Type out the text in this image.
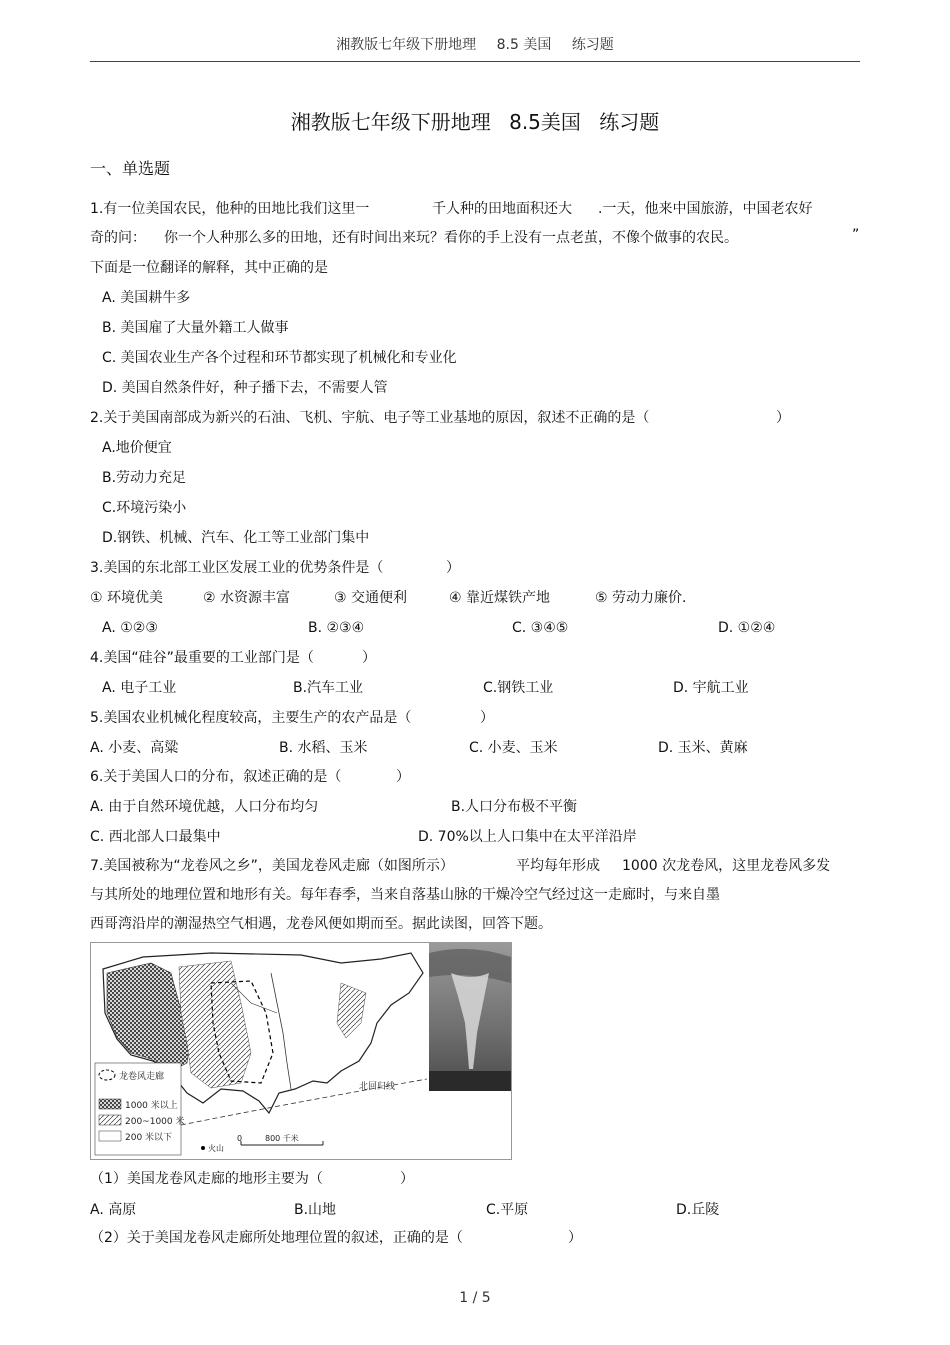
湘教版七年级下册地理 8.5 美国 练习题
湘教版七年级下册地理 8.5美国 练习题
一、单选题
1.有一位美国农民，他种的田地比我们这里一	千人种的田地面积还大 .一天，他来中国旅游，中国老农好
奇的问： 你一个人种那么多的田地，还有时间出来玩？看你的手上没有一点老茧，不像个做事的农民。	”
下面是一位翻译的解释，其中正确的是
A. 美国耕牛多
B. 美国雇了大量外籍工人做事
C. 美国农业生产各个过程和环节都实现了机械化和专业化
D. 美国自然条件好，种子播下去，不需要人管
2.关于美国南部成为新兴的石油、飞机、宇航、电子等工业基地的原因，叙述不正确的是（	）
A.地价便宜
B.劳动力充足
C.环境污染小
D.钢铁、机械、汽车、化工等工业部门集中
3.美国的东北部工业区发展工业的优势条件是（	）
① 环境优美	② 水资源丰富	③ 交通便利	④ 靠近煤铁产地	⑤ 劳动力廉价.
A. ①②③	B. ②③④	C. ③④⑤	D. ①②④
4.美国“硅谷”最重要的工业部门是（	）
A. 电子工业	B.汽车工业	C.钢铁工业	D. 宇航工业
5.美国农业机械化程度较高，主要生产的农产品是（	）
A. 小麦、高粱	B. 水稻、玉米	C. 小麦、玉米	D. 玉米、黄麻
6.关于美国人口的分布，叙述正确的是（	）
A. 由于自然环境优越，人口分布均匀	B.人口分布极不平衡
C. 西北部人口最集中	D. 70%以上人口集中在太平洋沿岸
7.美国被称为“龙卷风之乡”，美国龙卷风走廊（如图所示）	平均每年形成 1000 次龙卷风，这里龙卷风多发
与其所处的地理位置和地形有关。每年春季，当来自落基山脉的干燥冷空气经过这一走廊时，与来自墨
西哥湾沿岸的潮湿热空气相遇，龙卷风便如期而至。据此读图，回答下题。
北回归线
龙卷风走廊
1000 米以上
200~1000 米
200 米以下
火山
0	800 千米
（1）美国龙卷风走廊的地形主要为（	）
A. 高原	B.山地	C.平原	D.丘陵
（2）关于美国龙卷风走廊所处地理位置的叙述，正确的是（	）
1 / 5
